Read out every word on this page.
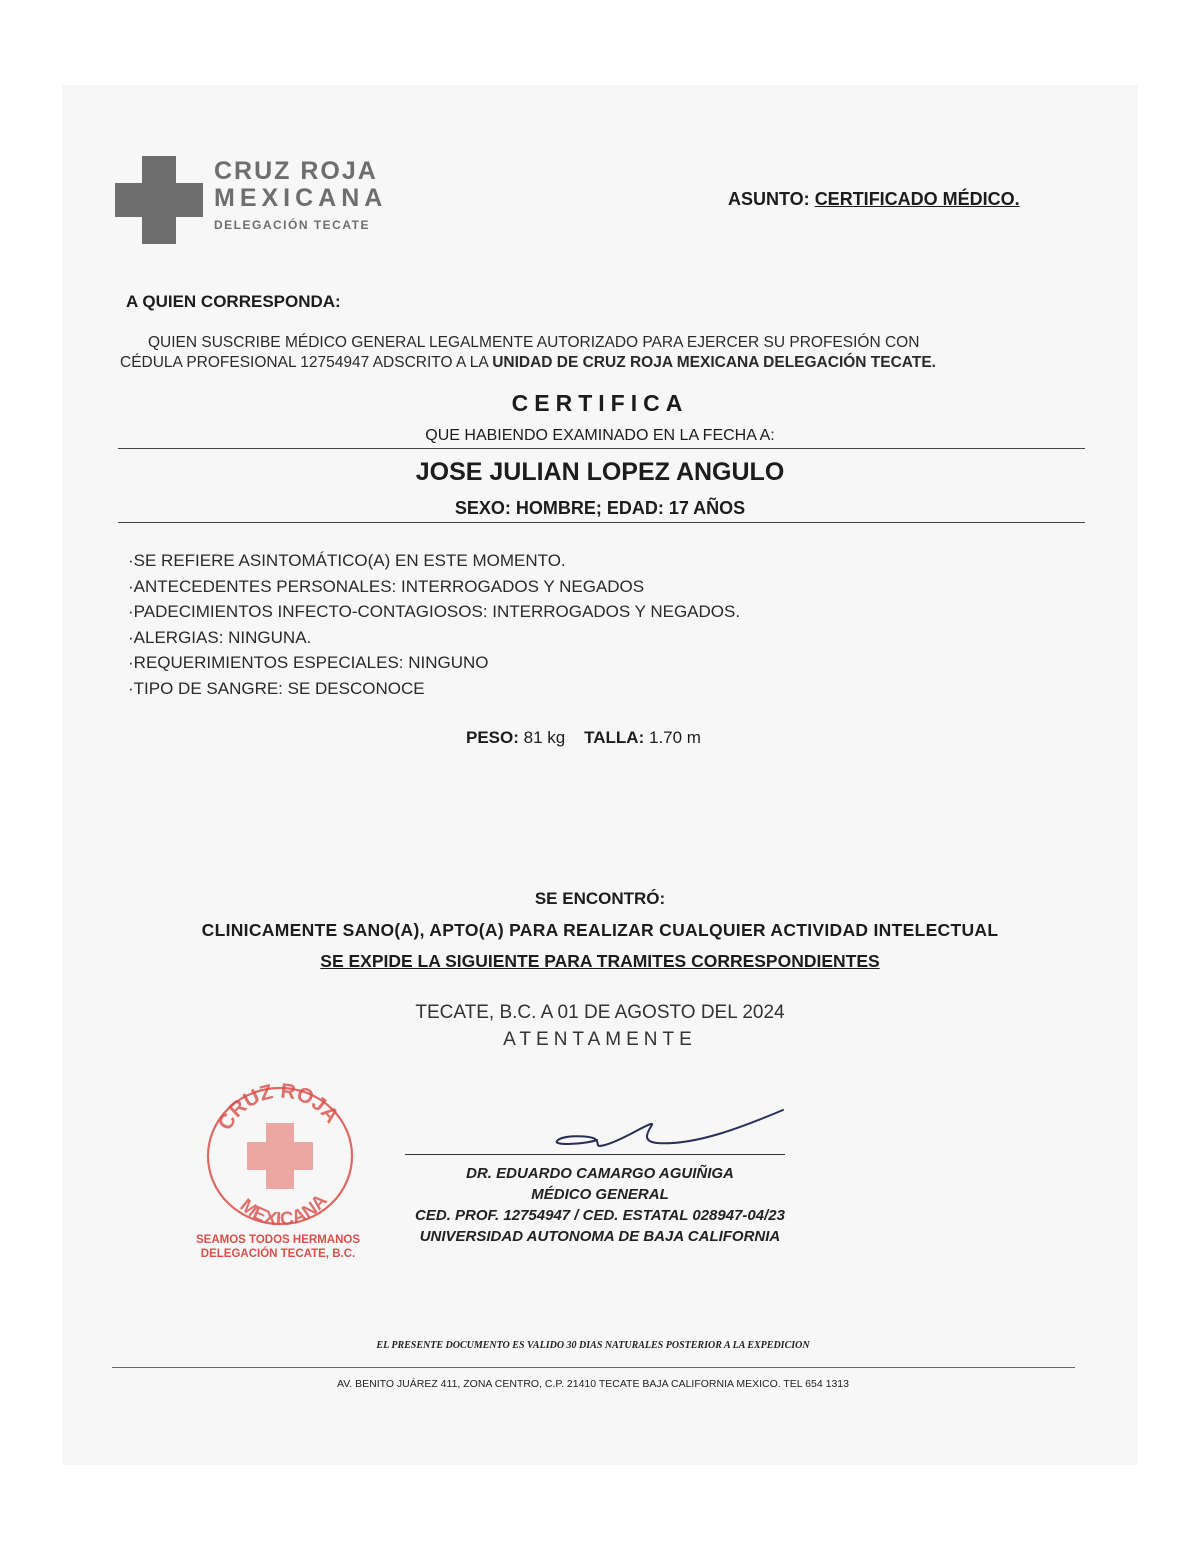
CRUZ ROJA
MEXICANA
DELEGACIÓN TECATE
ASUNTO: CERTIFICADO MÉDICO.
A QUIEN CORRESPONDA:
QUIEN SUSCRIBE MÉDICO GENERAL LEGALMENTE AUTORIZADO PARA EJERCER SU PROFESIÓN CON
CÉDULA PROFESIONAL 12754947 ADSCRITO A LA UNIDAD DE CRUZ ROJA MEXICANA DELEGACIÓN TECATE.
CERTIFICA
QUE HABIENDO EXAMINADO EN LA FECHA A:
JOSE JULIAN LOPEZ ANGULO
SEXO: HOMBRE; EDAD: 17 AÑOS
·SE REFIERE ASINTOMÁTICO(A) EN ESTE MOMENTO.
·ANTECEDENTES PERSONALES: INTERROGADOS Y NEGADOS
·PADECIMIENTOS INFECTO-CONTAGIOSOS: INTERROGADOS Y NEGADOS.
·ALERGIAS: NINGUNA.
·REQUERIMIENTOS ESPECIALES: NINGUNO
·TIPO DE SANGRE: SE DESCONOCE
PESO: 81 kg TALLA: 1.70 m
SE ENCONTRÓ:
CLINICAMENTE SANO(A), APTO(A) PARA REALIZAR CUALQUIER ACTIVIDAD INTELECTUAL
SE EXPIDE LA SIGUIENTE PARA TRAMITES CORRESPONDIENTES
TECATE, B.C. A 01 DE AGOSTO DEL 2024
ATENTAMENTE
CRUZ ROJA
MEXICANA
SEAMOS TODOS HERMANOS
DELEGACIÓN TECATE, B.C.
DR. EDUARDO CAMARGO AGUIÑIGA
MÉDICO GENERAL
CED. PROF. 12754947 / CED. ESTATAL 028947-04/23
UNIVERSIDAD AUTONOMA DE BAJA CALIFORNIA
EL PRESENTE DOCUMENTO ES VALIDO 30 DIAS NATURALES POSTERIOR A LA EXPEDICION
AV. BENITO JUÁREZ 411, ZONA CENTRO, C.P. 21410 TECATE BAJA CALIFORNIA MEXICO. TEL 654 1313
